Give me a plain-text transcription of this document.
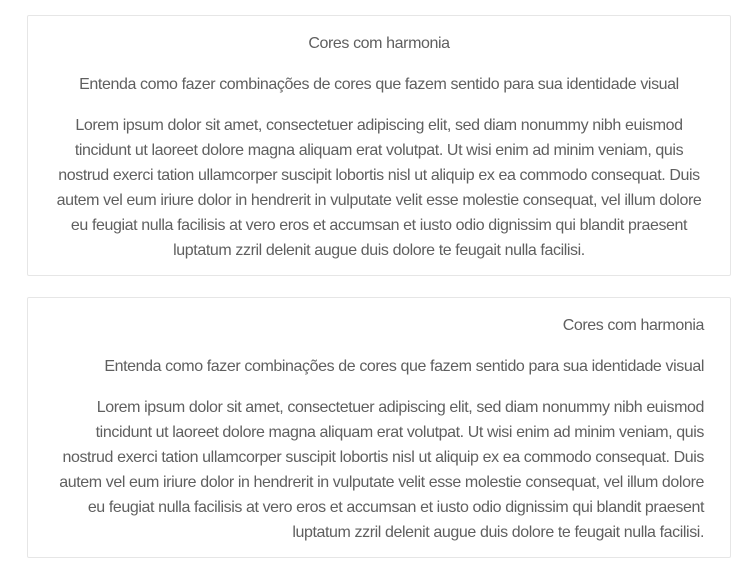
Cores com harmonia

Entenda como fazer combinações de cores que fazem sentido para sua identidade visual

Lorem ipsum dolor sit amet, consectetuer adipiscing elit, sed diam nonummy nibh euismod tincidunt ut laoreet dolore magna aliquam erat volutpat. Ut wisi enim ad minim veniam, quis nostrud exerci tation ullamcorper suscipit lobortis nisl ut aliquip ex ea commodo consequat. Duis autem vel eum iriure dolor in hendrerit in vulputate velit esse molestie consequat, vel illum dolore eu feugiat nulla facilisis at vero eros et accumsan et iusto odio dignissim qui blandit praesent luptatum zzril delenit augue duis dolore te feugait nulla facilisi.

Cores com harmonia

Entenda como fazer combinações de cores que fazem sentido para sua identidade visual

Lorem ipsum dolor sit amet, consectetuer adipiscing elit, sed diam nonummy nibh euismod tincidunt ut laoreet dolore magna aliquam erat volutpat. Ut wisi enim ad minim veniam, quis nostrud exerci tation ullamcorper suscipit lobortis nisl ut aliquip ex ea commodo consequat. Duis autem vel eum iriure dolor in hendrerit in vulputate velit esse molestie consequat, vel illum dolore eu feugiat nulla facilisis at vero eros et accumsan et iusto odio dignissim qui blandit praesent luptatum zzril delenit augue duis dolore te feugait nulla facilisi.
